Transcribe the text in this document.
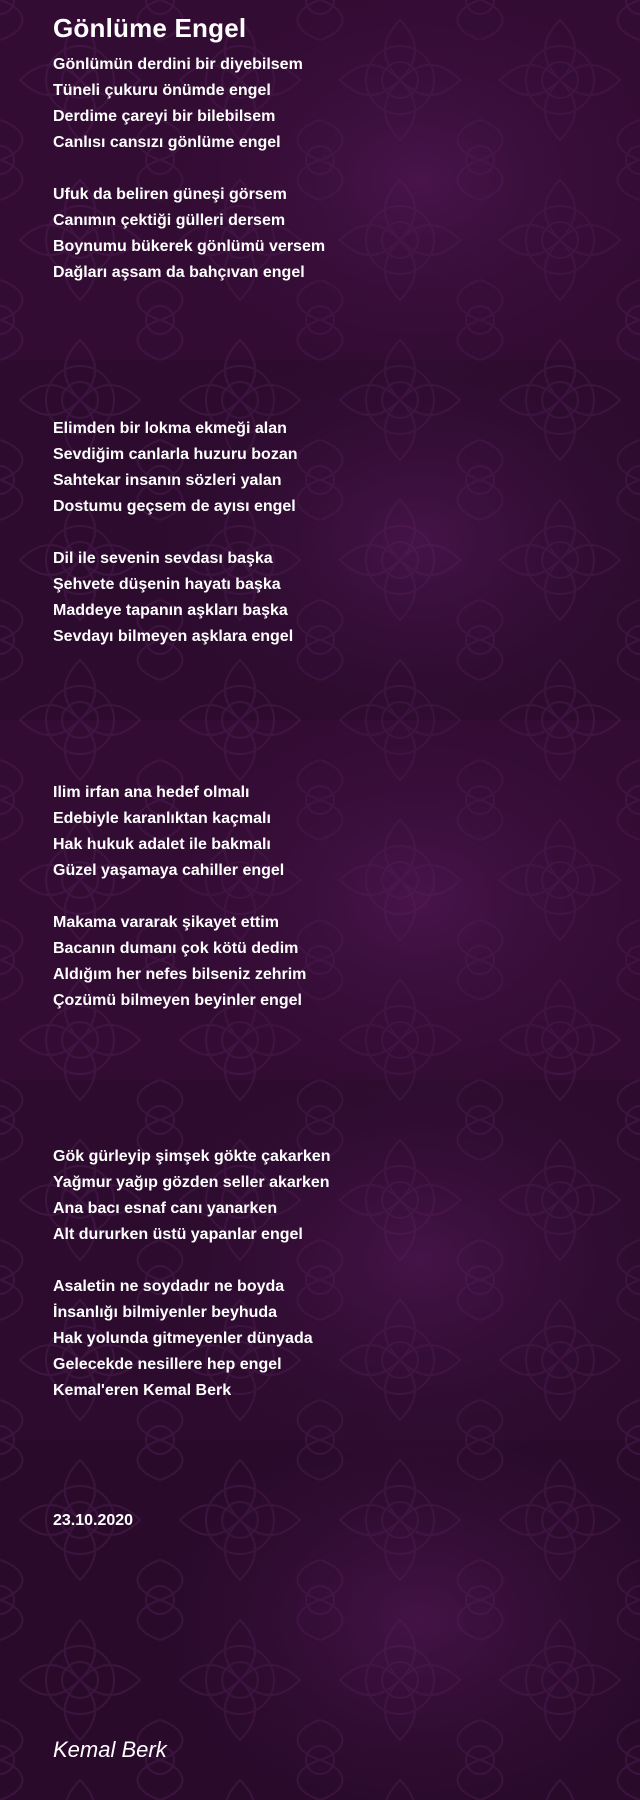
Gönlüme Engel
Gönlümün derdini bir diyebilsem
Tüneli çukuru önümde engel
Derdime çareyi bir bilebilsem
Canlısı cansızı gönlüme engel
Ufuk da beliren güneşi görsem
Canımın çektiği gülleri dersem
Boynumu bükerek gönlümü versem
Dağları aşsam da bahçıvan engel
Elimden bir lokma ekmeği alan
Sevdiğim canlarla huzuru bozan
Sahtekar insanın sözleri yalan
Dostumu geçsem de ayısı engel
Dil ile sevenin sevdası başka
Şehvete düşenin hayatı başka
Maddeye tapanın aşkları başka
Sevdayı bilmeyen aşklara engel
Ilim irfan ana hedef olmalı
Edebiyle karanlıktan kaçmalı
Hak hukuk adalet ile bakmalı
Güzel yaşamaya cahiller engel
Makama vararak şikayet ettim
Bacanın dumanı çok kötü dedim
Aldığım her nefes bilseniz zehrim
Çozümü bilmeyen beyinler engel
Gök gürleyip şimşek gökte çakarken
Yağmur yağıp gözden seller akarken
Ana bacı esnaf canı yanarken
Alt dururken üstü yapanlar engel
Asaletin ne soydadır ne boyda
İnsanlığı bilmiyenler beyhuda
Hak yolunda gitmeyenler dünyada
Gelecekde nesillere hep engel
Kemal'eren Kemal Berk
23.10.2020
Kemal Berk
